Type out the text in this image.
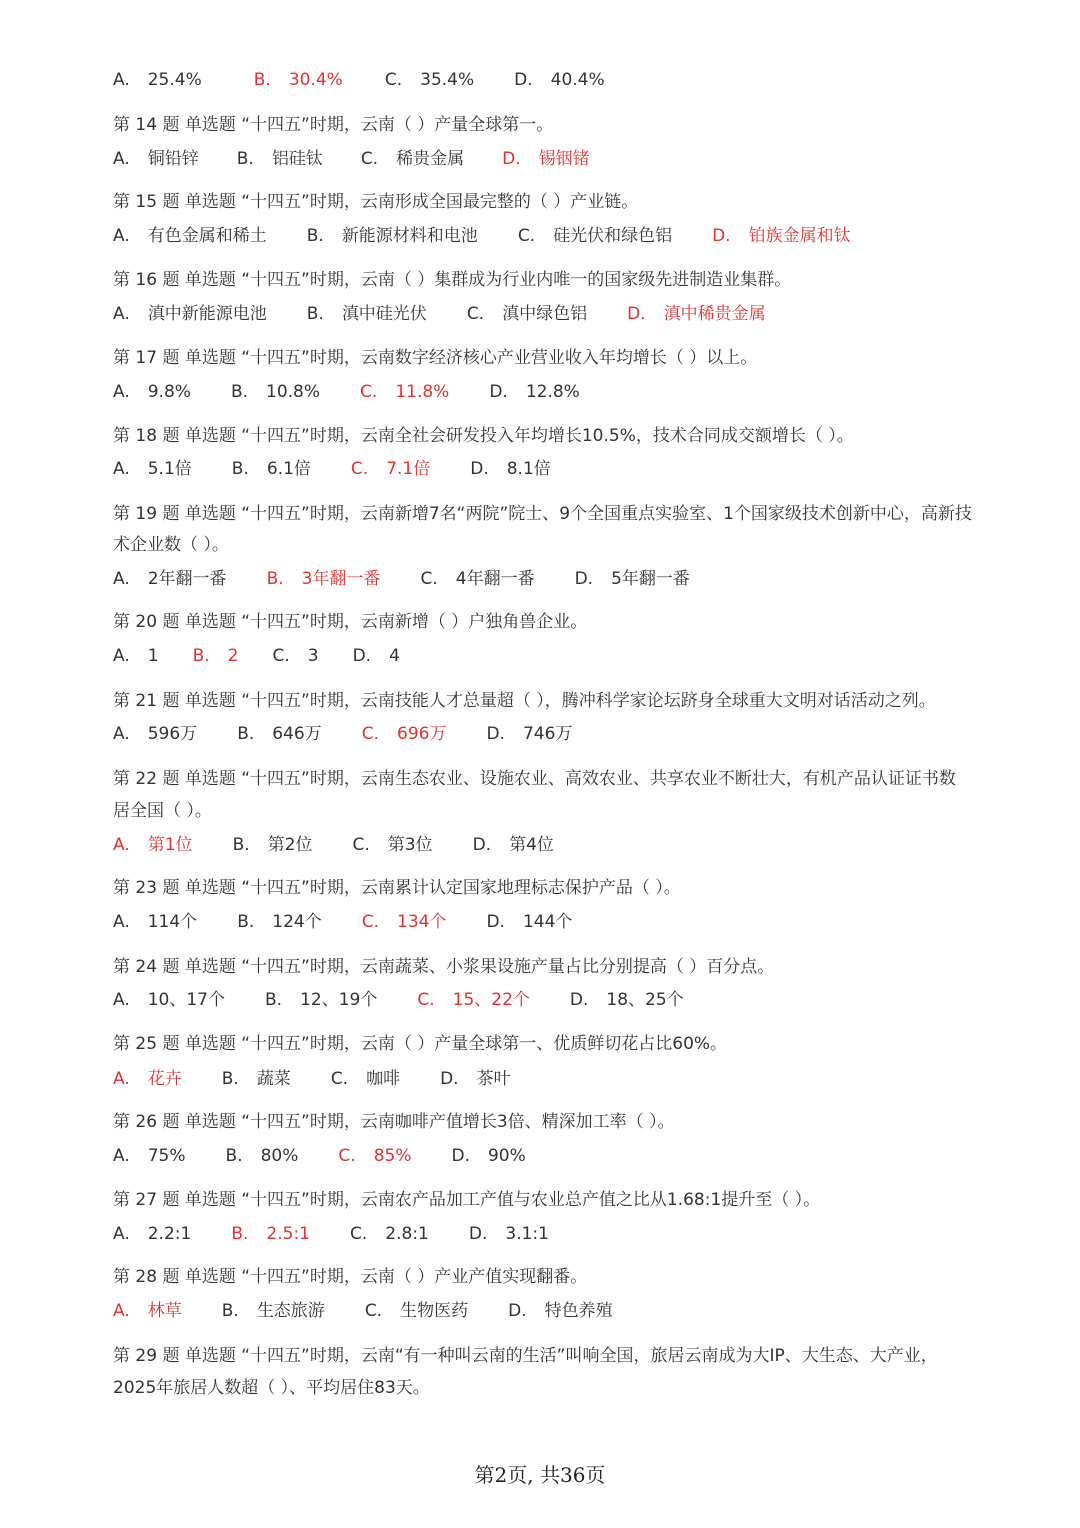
A. 25.4%	B. 30.4% C. 35.4% D. 40.4%
第 14 题 单选题 “十四五”时期，云南（ ）产量全球第一。
A. 铜铅锌 B. 铝硅钛 C. 稀贵金属 D. 锡铟锗
第 15 题 单选题 “十四五”时期，云南形成全国最完整的（ ）产业链。
A. 有色金属和稀土 B. 新能源材料和电池 C. 硅光伏和绿色铝 D. 铂族金属和钛
第 16 题 单选题 “十四五”时期，云南（ ）集群成为行业内唯一的国家级先进制造业集群。
A. 滇中新能源电池 B. 滇中硅光伏 C. 滇中绿色铝 D. 滇中稀贵金属
第 17 题 单选题 “十四五”时期，云南数字经济核心产业营业收入年均增长（ ）以上。
A. 9.8% B. 10.8% C. 11.8% D. 12.8%
第 18 题 单选题 “十四五”时期，云南全社会研发投入年均增长10.5%，技术合同成交额增长（ ）。
A. 5.1倍 B. 6.1倍 C. 7.1倍 D. 8.1倍
第 19 题 单选题 “十四五”时期，云南新增7名“两院”院士、9个全国重点实验室、1个国家级技术创新中心，高新技
术企业数（ ）。
A. 2年翻一番 B. 3年翻一番 C. 4年翻一番 D. 5年翻一番
第 20 题 单选题 “十四五”时期，云南新增（ ）户独角兽企业。
A. 1 B. 2 C. 3 D. 4
第 21 题 单选题 “十四五”时期，云南技能人才总量超（ ），腾冲科学家论坛跻身全球重大文明对话活动之列。
A. 596万 B. 646万 C. 696万 D. 746万
第 22 题 单选题 “十四五”时期，云南生态农业、设施农业、高效农业、共享农业不断壮大，有机产品认证证书数
居全国（ ）。
A. 第1位 B. 第2位 C. 第3位 D. 第4位
第 23 题 单选题 “十四五”时期，云南累计认定国家地理标志保护产品（ ）。
A. 114个 B. 124个 C. 134个 D. 144个
第 24 题 单选题 “十四五”时期，云南蔬菜、小浆果设施产量占比分别提高（ ）百分点。
A. 10、17个 B. 12、19个 C. 15、22个 D. 18、25个
第 25 题 单选题 “十四五”时期，云南（ ）产量全球第一、优质鲜切花占比60%。
A. 花卉 B. 蔬菜 C. 咖啡 D. 茶叶
第 26 题 单选题 “十四五”时期，云南咖啡产值增长3倍、精深加工率（ ）。
A. 75% B. 80% C. 85% D. 90%
第 27 题 单选题 “十四五”时期，云南农产品加工产值与农业总产值之比从1.68:1提升至（ ）。
A. 2.2:1 B. 2.5:1 C. 2.8:1 D. 3.1:1
第 28 题 单选题 “十四五”时期，云南（ ）产业产值实现翻番。
A. 林草 B. 生态旅游 C. 生物医药 D. 特色养殖
第 29 题 单选题 “十四五”时期，云南“有一种叫云南的生活”叫响全国，旅居云南成为大IP、大生态、大产业，
2025年旅居人数超（ ）、平均居住83天。
第2页, 共36页
